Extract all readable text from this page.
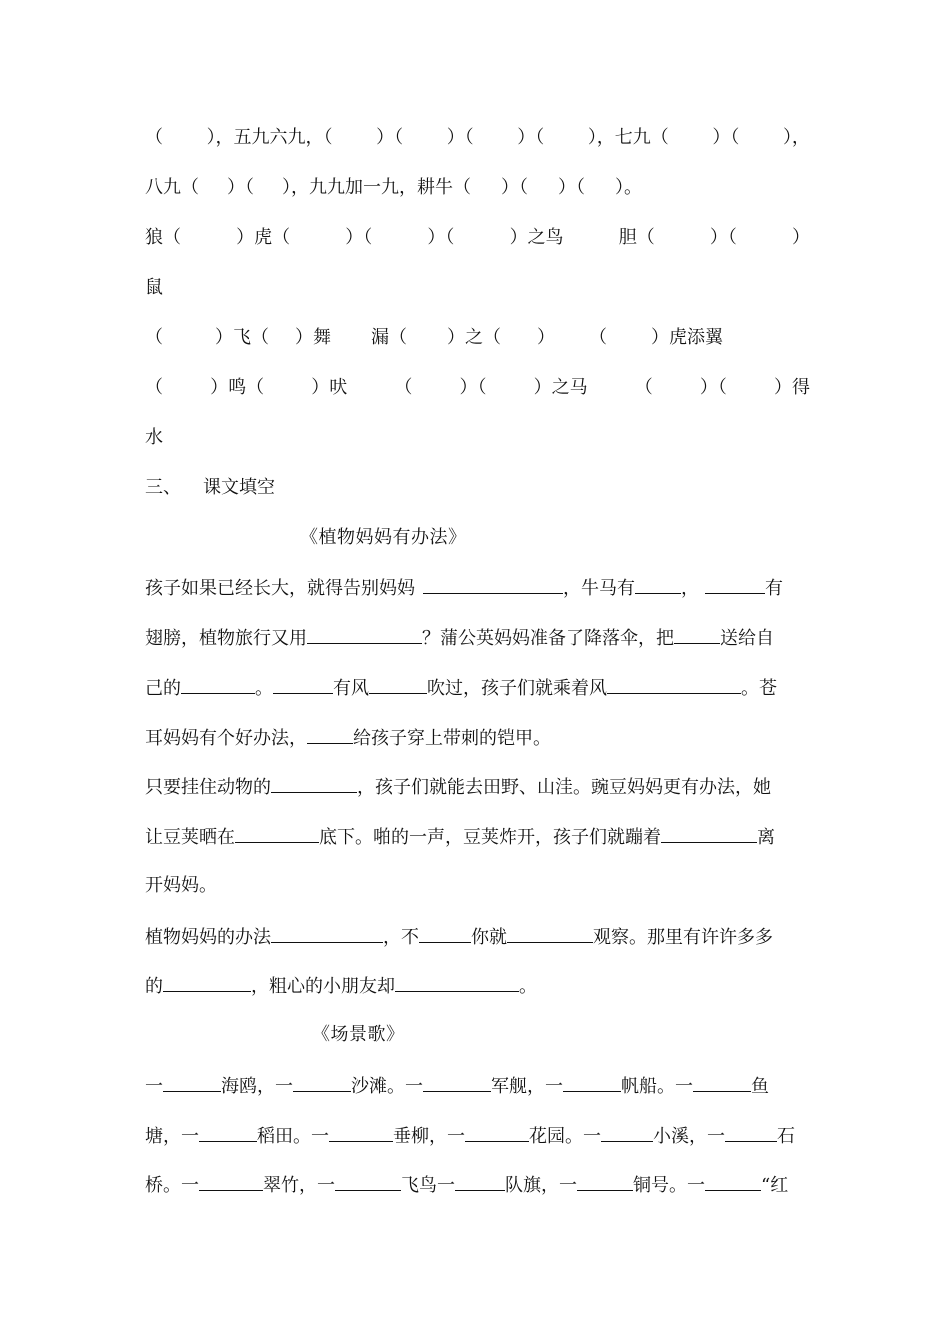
（ ），五九六九，（ ）（ ）（ ）（ ），七九（ ）（ ），
八九（ ）（ ），九九加一九，耕牛（ ）（ ）（ ）。
狼（	）虎（	）（	）（	）之鸟	胆（	）（	）
鼠
（	）飞（ ）舞 漏（ ）之（ ） （ ）虎添翼
（	）鸣（	）吠	（	）（	）之马	（	）（	）得
水
三、 课文填空
《植物妈妈有办法》
孩子如果已经长大，就得告别妈妈	，牛马有	，	有
翅膀，植物旅行又用	？蒲公英妈妈准备了降落伞，把	送给自
己的	。	有风	吹过，孩子们就乘着风	。苍
耳妈妈有个好办法，	给孩子穿上带刺的铠甲。
只要挂住动物的	，孩子们就能去田野、山洼。豌豆妈妈更有办法，她
让豆荚晒在	底下。啪的一声，豆荚炸开，孩子们就蹦着	离
开妈妈。
植物妈妈的办法	，不	你就	观察。那里有许许多多
的	，粗心的小朋友却	。
《场景歌》
一	海鸥，一	沙滩。一	军舰，一	帆船。一	鱼
塘，一	稻田。一	垂柳，一	花园。一	小溪，一	石
桥。一	翠竹，一	飞鸟一	队旗，一	铜号。一	“红
